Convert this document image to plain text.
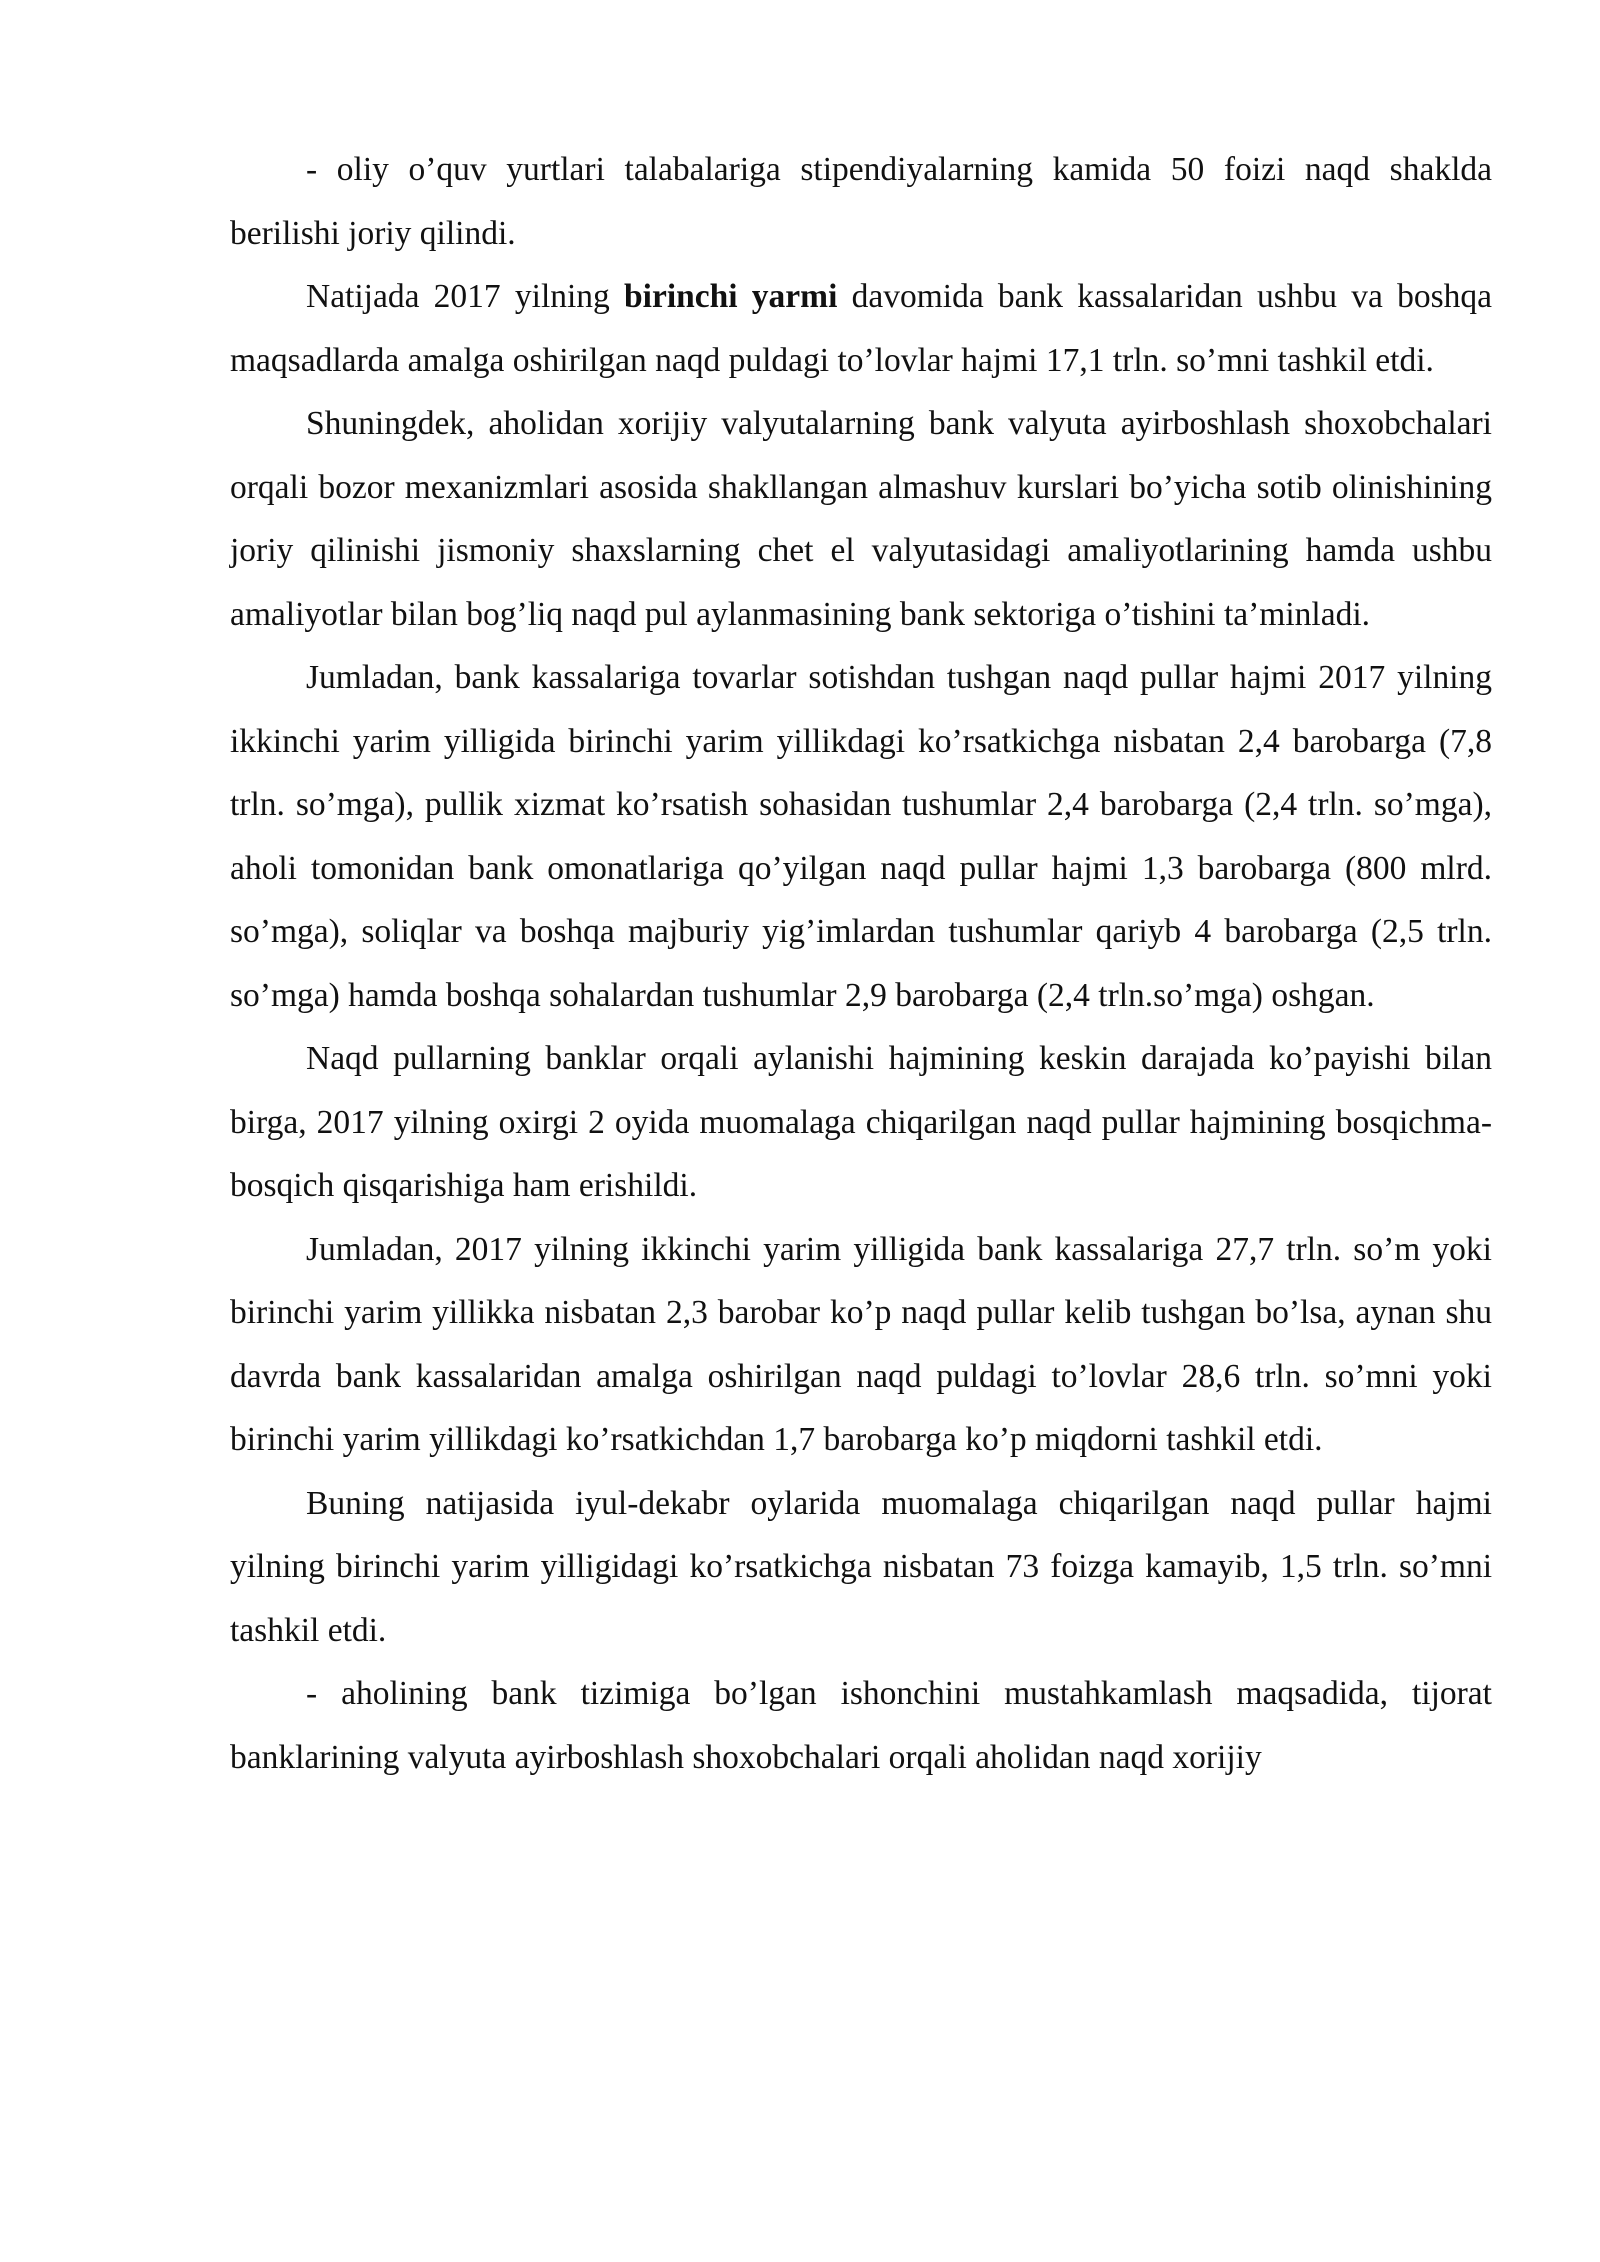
- oliy o’quv yurtlari talabalariga stipendiyalarning kamida 50 foizi naqd shaklda berilishi joriy qilindi.

Natijada 2017 yilning birinchi yarmi davomida bank kassalaridan ushbu va boshqa maqsadlarda amalga oshirilgan naqd puldagi to’lovlar hajmi 17,1 trln. so’mni tashkil etdi.

Shuningdek, aholidan xorijiy valyutalarning bank valyuta ayirboshlash shoxobchalari orqali bozor mexanizmlari asosida shakllangan almashuv kurslari bo’yicha sotib olinishining joriy qilinishi jismoniy shaxslarning chet el valyutasidagi amaliyotlarining hamda ushbu amaliyotlar bilan bog’liq naqd pul aylanmasining bank sektoriga o’tishini ta’minladi.

Jumladan, bank kassalariga tovarlar sotishdan tushgan naqd pullar hajmi 2017 yilning ikkinchi yarim yilligida birinchi yarim yillikdagi ko’rsatkichga nisbatan 2,4 barobarga (7,8 trln. so’mga), pullik xizmat ko’rsatish sohasidan tushumlar 2,4 barobarga (2,4 trln. so’mga), aholi tomonidan bank omonatlariga qo’yilgan naqd pullar hajmi 1,3 barobarga (800 mlrd. so’mga), soliqlar va boshqa majburiy yig’imlardan tushumlar qariyb 4 barobarga (2,5 trln. so’mga) hamda boshqa sohalardan tushumlar 2,9 barobarga (2,4 trln.so’mga) oshgan.

Naqd pullarning banklar orqali aylanishi hajmining keskin darajada ko’payishi bilan birga, 2017 yilning oxirgi 2 oyida muomalaga chiqarilgan naqd pullar hajmining bosqichma-bosqich qisqarishiga ham erishildi.

Jumladan, 2017 yilning ikkinchi yarim yilligida bank kassalariga 27,7 trln. so’m yoki birinchi yarim yillikka nisbatan 2,3 barobar ko’p naqd pullar kelib tushgan bo’lsa, aynan shu davrda bank kassalaridan amalga oshirilgan naqd puldagi to’lovlar 28,6 trln. so’mni yoki birinchi yarim yillikdagi ko’rsatkichdan 1,7 barobarga ko’p miqdorni tashkil etdi.

Buning natijasida iyul-dekabr oylarida muomalaga chiqarilgan naqd pullar hajmi yilning birinchi yarim yilligidagi ko’rsatkichga nisbatan 73 foizga kamayib, 1,5 trln. so’mni tashkil etdi.

- aholining bank tizimiga bo’lgan ishonchini mustahkamlash maqsadida, tijorat banklarining valyuta ayirboshlash shoxobchalari orqali aholidan naqd xorijiy
